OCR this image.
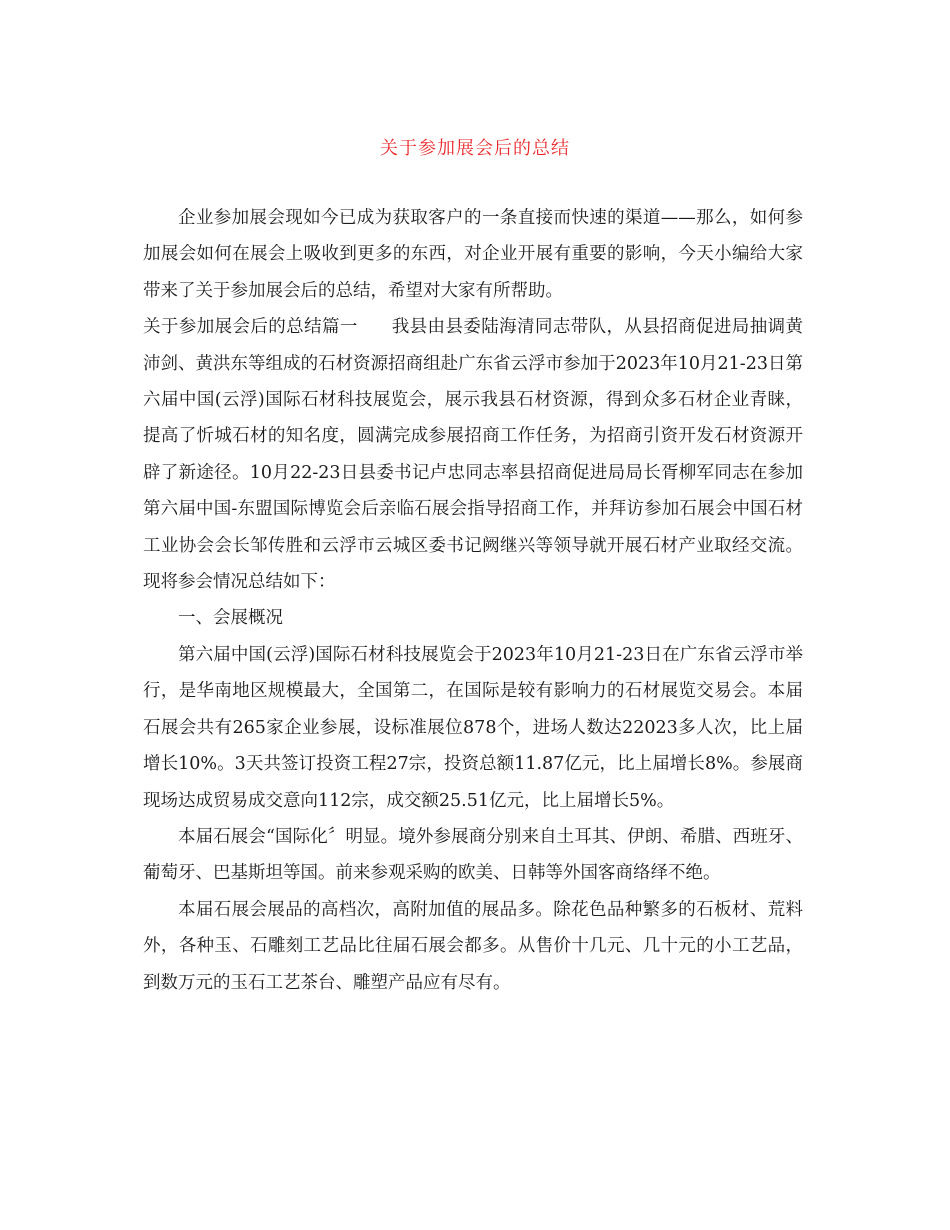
关于参加展会后的总结

企业参加展会现如今已成为获取客户的一条直接而快速的渠道——那么，如何参加展会如何在展会上吸收到更多的东西，对企业开展有重要的影响，今天小编给大家带来了关于参加展会后的总结，希望对大家有所帮助。

关于参加展会后的总结篇一 我县由县委陆海清同志带队，从县招商促进局抽调黄沛剑、黄洪东等组成的石材资源招商组赴广东省云浮市参加于2023年10月21-23日第六届中国(云浮)国际石材科技展览会，展示我县石材资源，得到众多石材企业青睐，提高了忻城石材的知名度，圆满完成参展招商工作任务，为招商引资开发石材资源开辟了新途径。10月22-23日县委书记卢忠同志率县招商促进局局长胥柳军同志在参加第六届中国-东盟国际博览会后亲临石展会指导招商工作，并拜访参加石展会中国石材工业协会会长邹传胜和云浮市云城区委书记阙继兴等领导就开展石材产业取经交流。现将参会情况总结如下：

一、会展概况

第六届中国(云浮)国际石材科技展览会于2023年10月21-23日在广东省云浮市举行，是华南地区规模最大，全国第二，在国际是较有影响力的石材展览交易会。本届石展会共有265家企业参展，设标准展位878个，进场人数达22023多人次，比上届增长10%。3天共签订投资工程27宗，投资总额11.87亿元，比上届增长8%。参展商现场达成贸易成交意向112宗，成交额25.51亿元，比上届增长5%。

本届石展会“国际化〞明显。境外参展商分别来自土耳其、伊朗、希腊、西班牙、葡萄牙、巴基斯坦等国。前来参观采购的欧美、日韩等外国客商络绎不绝。

本届石展会展品的高档次，高附加值的展品多。除花色品种繁多的石板材、荒料外，各种玉、石雕刻工艺品比往届石展会都多。从售价十几元、几十元的小工艺品，到数万元的玉石工艺茶台、雕塑产品应有尽有。
